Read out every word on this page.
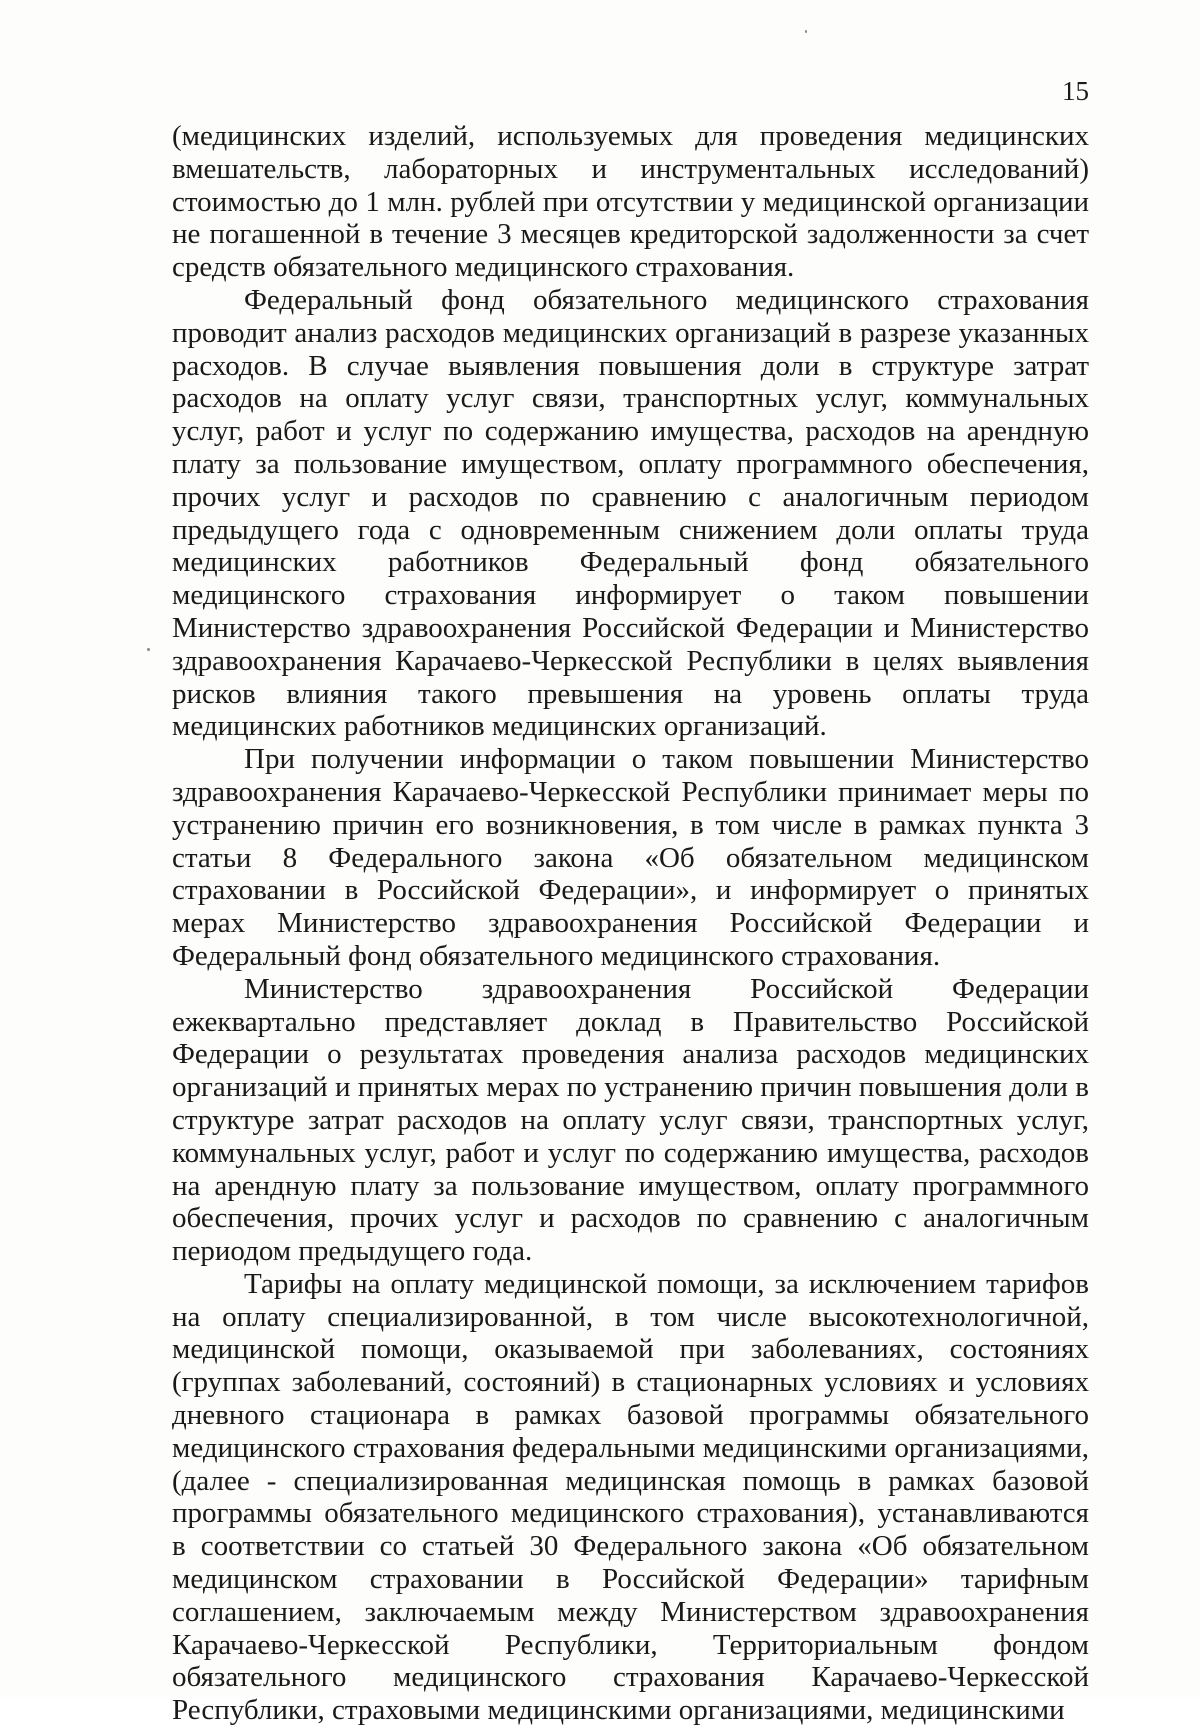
15

(медицинских изделий, используемых для проведения медицинских вмешательств, лабораторных и инструментальных исследований) стоимостью до 1 млн. рублей при отсутствии у медицинской организации не погашенной в течение 3 месяцев кредиторской задолженности за счет средств обязательного медицинского страхования.

Федеральный фонд обязательного медицинского страхования проводит анализ расходов медицинских организаций в разрезе указанных расходов. В случае выявления повышения доли в структуре затрат расходов на оплату услуг связи, транспортных услуг, коммунальных услуг, работ и услуг по содержанию имущества, расходов на арендную плату за пользование имуществом, оплату программного обеспечения, прочих услуг и расходов по сравнению с аналогичным периодом предыдущего года с одновременным снижением доли оплаты труда медицинских работников Федеральный фонд обязательного медицинского страхования информирует о таком повышении Министерство здравоохранения Российской Федерации и Министерство здравоохранения Карачаево-Черкесской Республики в целях выявления рисков влияния такого превышения на уровень оплаты труда медицинских работников медицинских организаций.

При получении информации о таком повышении Министерство здравоохранения Карачаево-Черкесской Республики принимает меры по устранению причин его возникновения, в том числе в рамках пункта 3 статьи 8 Федерального закона «Об обязательном медицинском страховании в Российской Федерации», и информирует о принятых мерах Министерство здравоохранения Российской Федерации и Федеральный фонд обязательного медицинского страхования.

Министерство здравоохранения Российской Федерации ежеквартально представляет доклад в Правительство Российской Федерации о результатах проведения анализа расходов медицинских организаций и принятых мерах по устранению причин повышения доли в структуре затрат расходов на оплату услуг связи, транспортных услуг, коммунальных услуг, работ и услуг по содержанию имущества, расходов на арендную плату за пользование имуществом, оплату программного обеспечения, прочих услуг и расходов по сравнению с аналогичным периодом предыдущего года.

Тарифы на оплату медицинской помощи, за исключением тарифов на оплату специализированной, в том числе высокотехнологичной, медицинской помощи, оказываемой при заболеваниях, состояниях (группах заболеваний, состояний) в стационарных условиях и условиях дневного стационара в рамках базовой программы обязательного медицинского страхования федеральными медицинскими организациями, (далее - специализированная медицинская помощь в рамках базовой программы обязательного медицинского страхования), устанавливаются в соответствии со статьей 30 Федерального закона «Об обязательном медицинском страховании в Российской Федерации» тарифным соглашением, заключаемым между Министерством здравоохранения Карачаево-Черкесской Республики, Территориальным фондом обязательного медицинского страхования Карачаево-Черкесской Республики, страховыми медицинскими организациями, медицинскими
